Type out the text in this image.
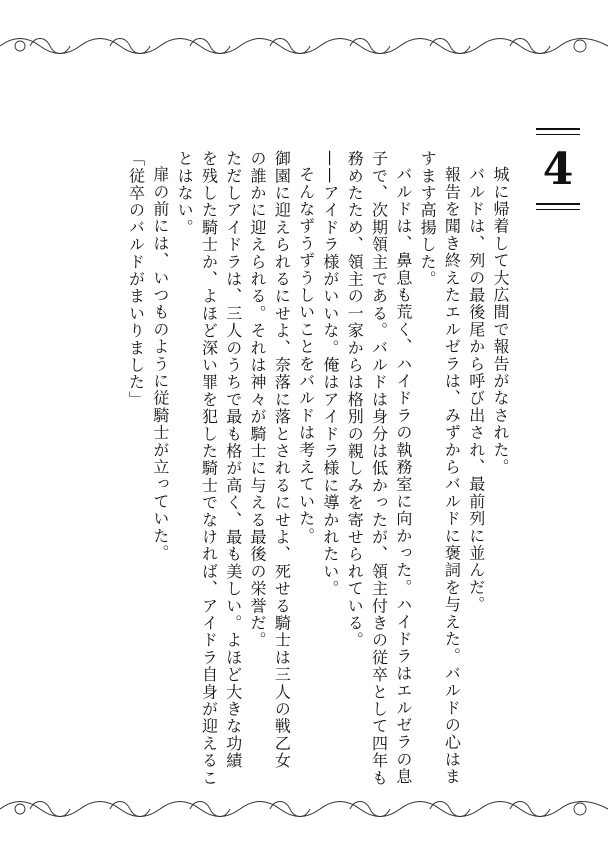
4

城に帰着して大広間で報告がなされた。

バルドは、列の最後尾から呼び出され、最前列に並んだ。

報告を聞き終えたエルゼラは、みずからバルドに褒詞を与えた。バルドの心はま

すます高揚した。

バルドは、鼻息も荒く、ハイドラの執務室に向かった。ハイドラはエルゼラの息

子で、次期領主である。バルドは身分は低かったが、領主付きの従卒として四年も

務めたため、領主の一家からは格別の親しみを寄せられている。

——アイドラ様がいいな。俺はアイドラ様に導かれたい。

そんなずうずうしいことをバルドは考えていた。

御園に迎えられるにせよ、奈落に落とされるにせよ、死せる騎士は三人の戦乙女

の誰かに迎えられる。それは神々が騎士に与える最後の栄誉だ。

ただしアイドラは、三人のうちで最も格が高く、最も美しい。よほど大きな功績

を残した騎士か、よほど深い罪を犯した騎士でなければ、アイドラ自身が迎えるこ

とはない。

扉の前には、いつものように従騎士が立っていた。

「従卒のバルドがまいりました」
